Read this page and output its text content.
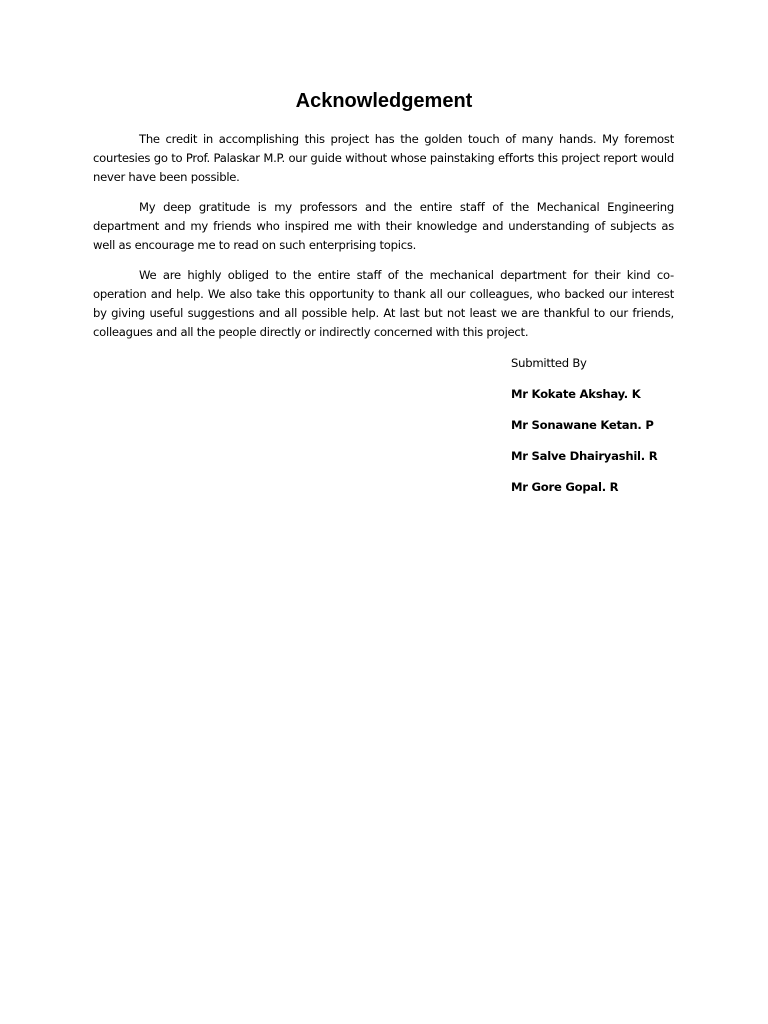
Acknowledgement

The credit in accomplishing this project has the golden touch of many hands. My foremost courtesies go to Prof. Palaskar M.P. our guide without whose painstaking efforts this project report would never have been possible.

My deep gratitude is my professors and the entire staff of the Mechanical Engineering department and my friends who inspired me with their knowledge and understanding of subjects as well as encourage me to read on such enterprising topics.

We are highly obliged to the entire staff of the mechanical department for their kind co-operation and help. We also take this opportunity to thank all our colleagues, who backed our interest by giving useful suggestions and all possible help. At last but not least we are thankful to our friends, colleagues and all the people directly or indirectly concerned with this project.

Submitted By
Mr Kokate Akshay. K
Mr Sonawane Ketan. P
Mr Salve Dhairyashil. R
Mr Gore Gopal. R
